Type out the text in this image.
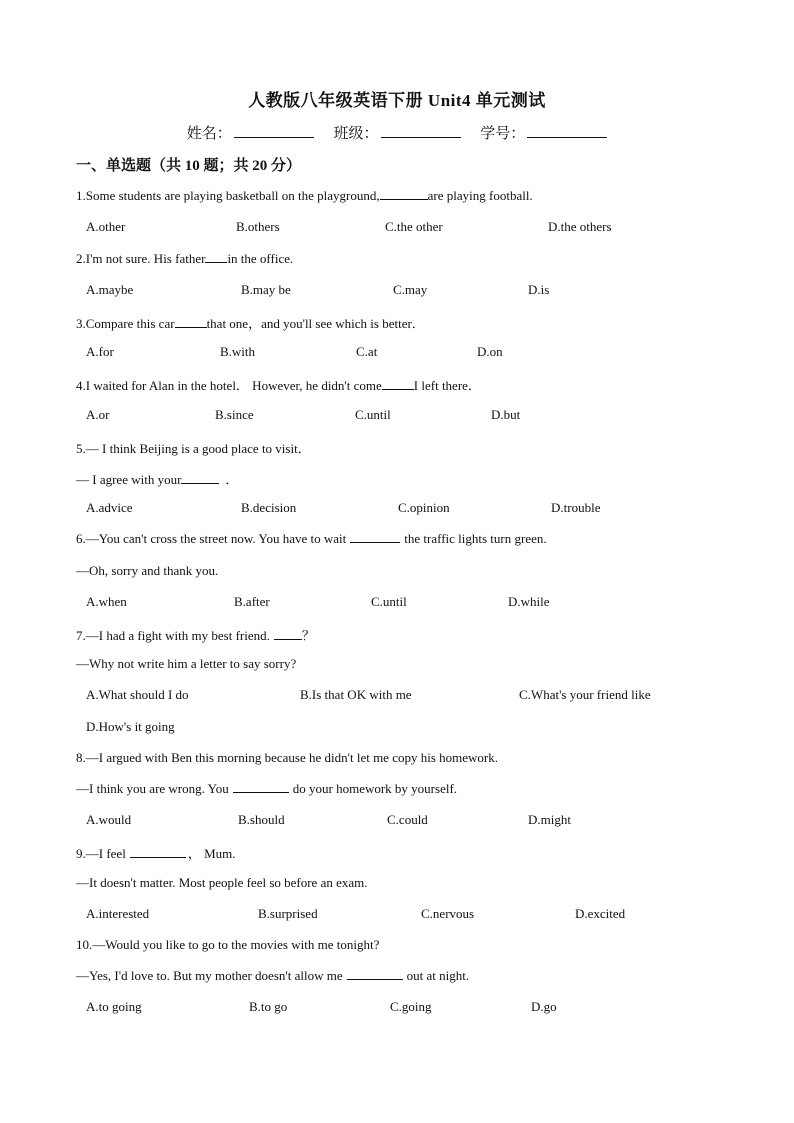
人教版八年级英语下册 Unit4 单元测试
姓名：	班级：	学号：
一、单选题（共 10 题；共 20 分）
1.Some students are playing basketball on the playground,	are playing football.
A.other	B.others	C.the other	D.the others
2.I'm not sure. His father in the office.
A.maybe	B.may be	C.may	D.is
3.Compare this car that one，and you'll see which is better．
A.for	B.with	C.at	D.on
4.I waited for Alan in the hotel． However, he didn't come I left there．
A.or	B.since	C.until	D.but
5.— I think Beijing is a good place to visit．
— I agree with your	．
A.advice	B.decision	C.opinion	D.trouble
6.—You can't cross the street now. You have to wait	the traffic lights turn green.
—Oh, sorry and thank you.
A.when	B.after	C.until	D.while
7.—I had a fight with my best friend. ？
—Why not write him a letter to say sorry?
A.What should I do	B.Is that OK with me	C.What's your friend like
D.How's it going
8.—I argued with Ben this morning because he didn't let me copy his homework.
—I think you are wrong. You	do your homework by yourself.
A.would	B.should	C.could	D.might
9.—I feel	， Mum.
—It doesn't matter. Most people feel so before an exam.
A.interested	B.surprised	C.nervous	D.excited
10.—Would you like to go to the movies with me tonight?
—Yes, I'd love to. But my mother doesn't allow me	out at night.
A.to going	B.to go	C.going	D.go
